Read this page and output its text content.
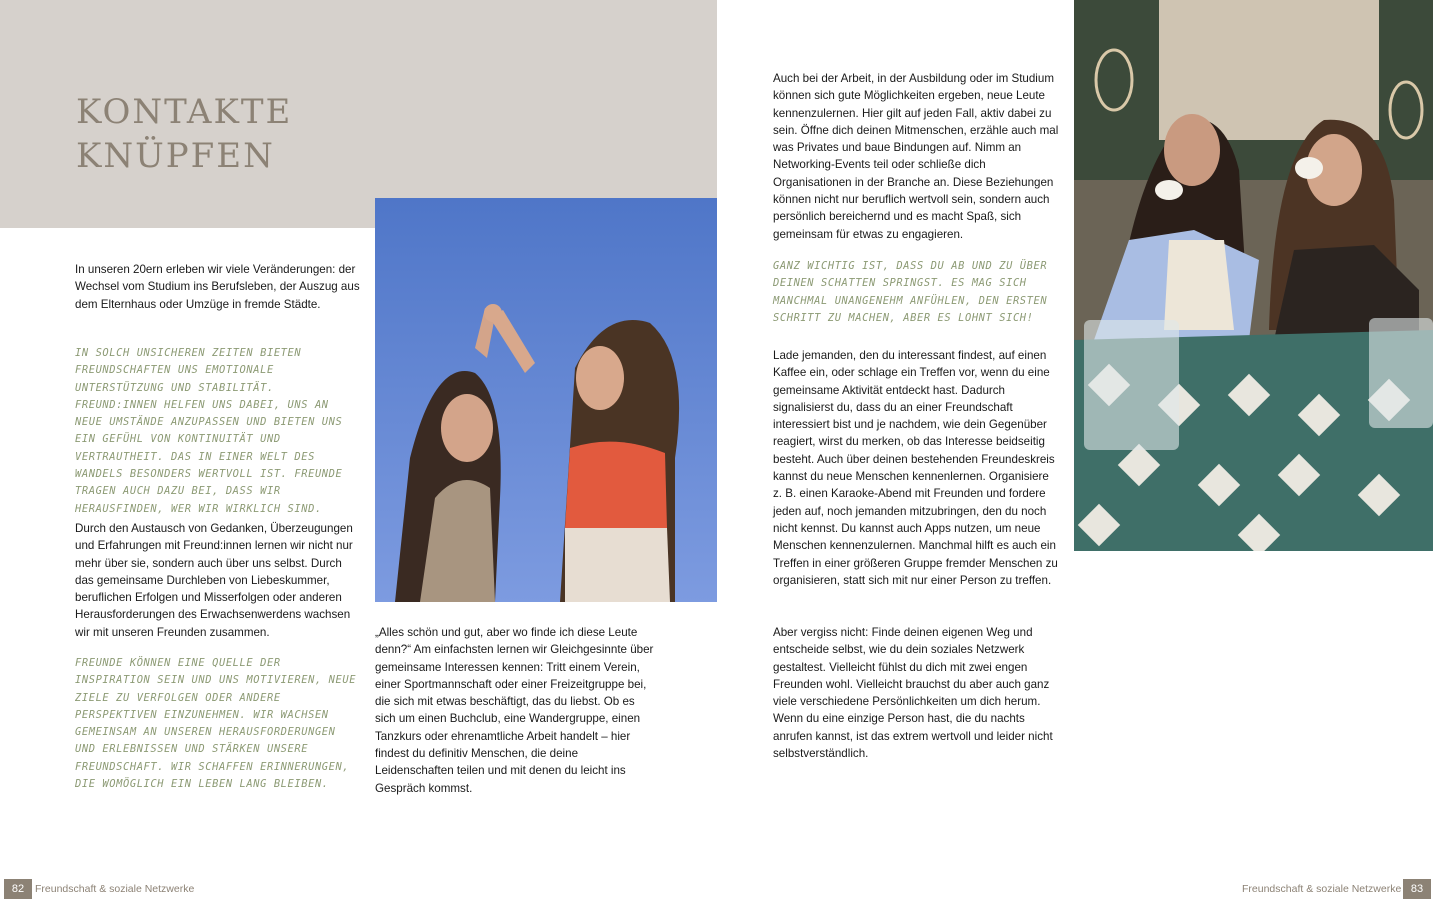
KONTAKTE
KNÜPFEN

In unseren 20ern erleben wir viele Veränderungen: der Wechsel vom Studium ins Berufsleben, der Auszug aus dem Elternhaus oder Umzüge in fremde Städte.

IN SOLCH UNSICHEREN ZEITEN BIETEN FREUNDSCHAFTEN UNS EMOTIONALE UNTERSTÜTZUNG UND STABILITÄT. FREUND:INNEN HELFEN UNS DABEI, UNS AN NEUE UMSTÄNDE ANZUPASSEN UND BIETEN UNS EIN GEFÜHL VON KONTINUITÄT UND VERTRAUTHEIT. DAS IN EINER WELT DES WANDELS BESONDERS WERTVOLL IST. FREUNDE TRAGEN AUCH DAZU BEI, DASS WIR HERAUSFINDEN, WER WIR WIRKLICH SIND.

Durch den Austausch von Gedanken, Überzeugungen und Erfahrungen mit Freund:innen lernen wir nicht nur mehr über sie, sondern auch über uns selbst. Durch das gemeinsame Durchleben von Liebeskummer, beruflichen Erfolgen und Misserfolgen oder anderen Herausforderungen des Erwachsenwerdens wachsen wir mit unseren Freunden zusammen.

FREUNDE KÖNNEN EINE QUELLE DER INSPIRATION SEIN UND UNS MOTIVIEREN, NEUE ZIELE ZU VERFOLGEN ODER ANDERE PERSPEKTIVEN EINZUNEHMEN. WIR WACHSEN GEMEINSAM AN UNSEREN HERAUSFORDERUNGEN UND ERLEBNISSEN UND STÄRKEN UNSERE FREUNDSCHAFT. WIR SCHAFFEN ERINNERUNGEN, DIE WOMÖGLICH EIN LEBEN LANG BLEIBEN.

„Alles schön und gut, aber wo finde ich diese Leute denn?“ Am einfachsten lernen wir Gleichgesinnte über gemeinsame Interessen kennen: Tritt einem Verein, einer Sportmannschaft oder einer Freizeitgruppe bei, die sich mit etwas beschäftigt, das du liebst. Ob es sich um einen Buchclub, eine Wandergruppe, einen Tanzkurs oder ehrenamtliche Arbeit handelt – hier findest du definitiv Menschen, die deine Leidenschaften teilen und mit denen du leicht ins Gespräch kommst.

82	Freundschaft & soziale Netzwerke

Auch bei der Arbeit, in der Ausbildung oder im Studium können sich gute Möglichkeiten ergeben, neue Leute kennenzulernen. Hier gilt auf jeden Fall, aktiv dabei zu sein. Öffne dich deinen Mitmenschen, erzähle auch mal was Privates und baue Bindungen auf. Nimm an Networking-Events teil oder schließe dich Organisationen in der Branche an. Diese Beziehungen können nicht nur beruflich wertvoll sein, sondern auch persönlich bereichernd und es macht Spaß, sich gemeinsam für etwas zu engagieren.

GANZ WICHTIG IST, DASS DU AB UND ZU ÜBER DEINEN SCHATTEN SPRINGST. ES MAG SICH MANCHMAL UNANGENEHM ANFÜHLEN, DEN ERSTEN SCHRITT ZU MACHEN, ABER ES LOHNT SICH!

Lade jemanden, den du interessant findest, auf einen Kaffee ein, oder schlage ein Treffen vor, wenn du eine gemeinsame Aktivität entdeckt hast. Dadurch signalisierst du, dass du an einer Freundschaft interessiert bist und je nachdem, wie dein Gegenüber reagiert, wirst du merken, ob das Interesse beidseitig besteht. Auch über deinen bestehenden Freundeskreis kannst du neue Menschen kennenlernen. Organisiere z. B. einen Karaoke-Abend mit Freunden und fordere jeden auf, noch jemanden mitzubringen, den du noch nicht kennst. Du kannst auch Apps nutzen, um neue Menschen kennenzulernen. Manchmal hilft es auch ein Treffen in einer größeren Gruppe fremder Menschen zu organisieren, statt sich mit nur einer Person zu treffen.

Aber vergiss nicht: Finde deinen eigenen Weg und entscheide selbst, wie du dein soziales Netzwerk gestaltest. Vielleicht fühlst du dich mit zwei engen Freunden wohl. Vielleicht brauchst du aber auch ganz viele verschiedene Persönlichkeiten um dich herum. Wenn du eine einzige Person hast, die du nachts anrufen kannst, ist das extrem wertvoll und leider nicht selbstverständlich.

Freundschaft & soziale Netzwerke 83
